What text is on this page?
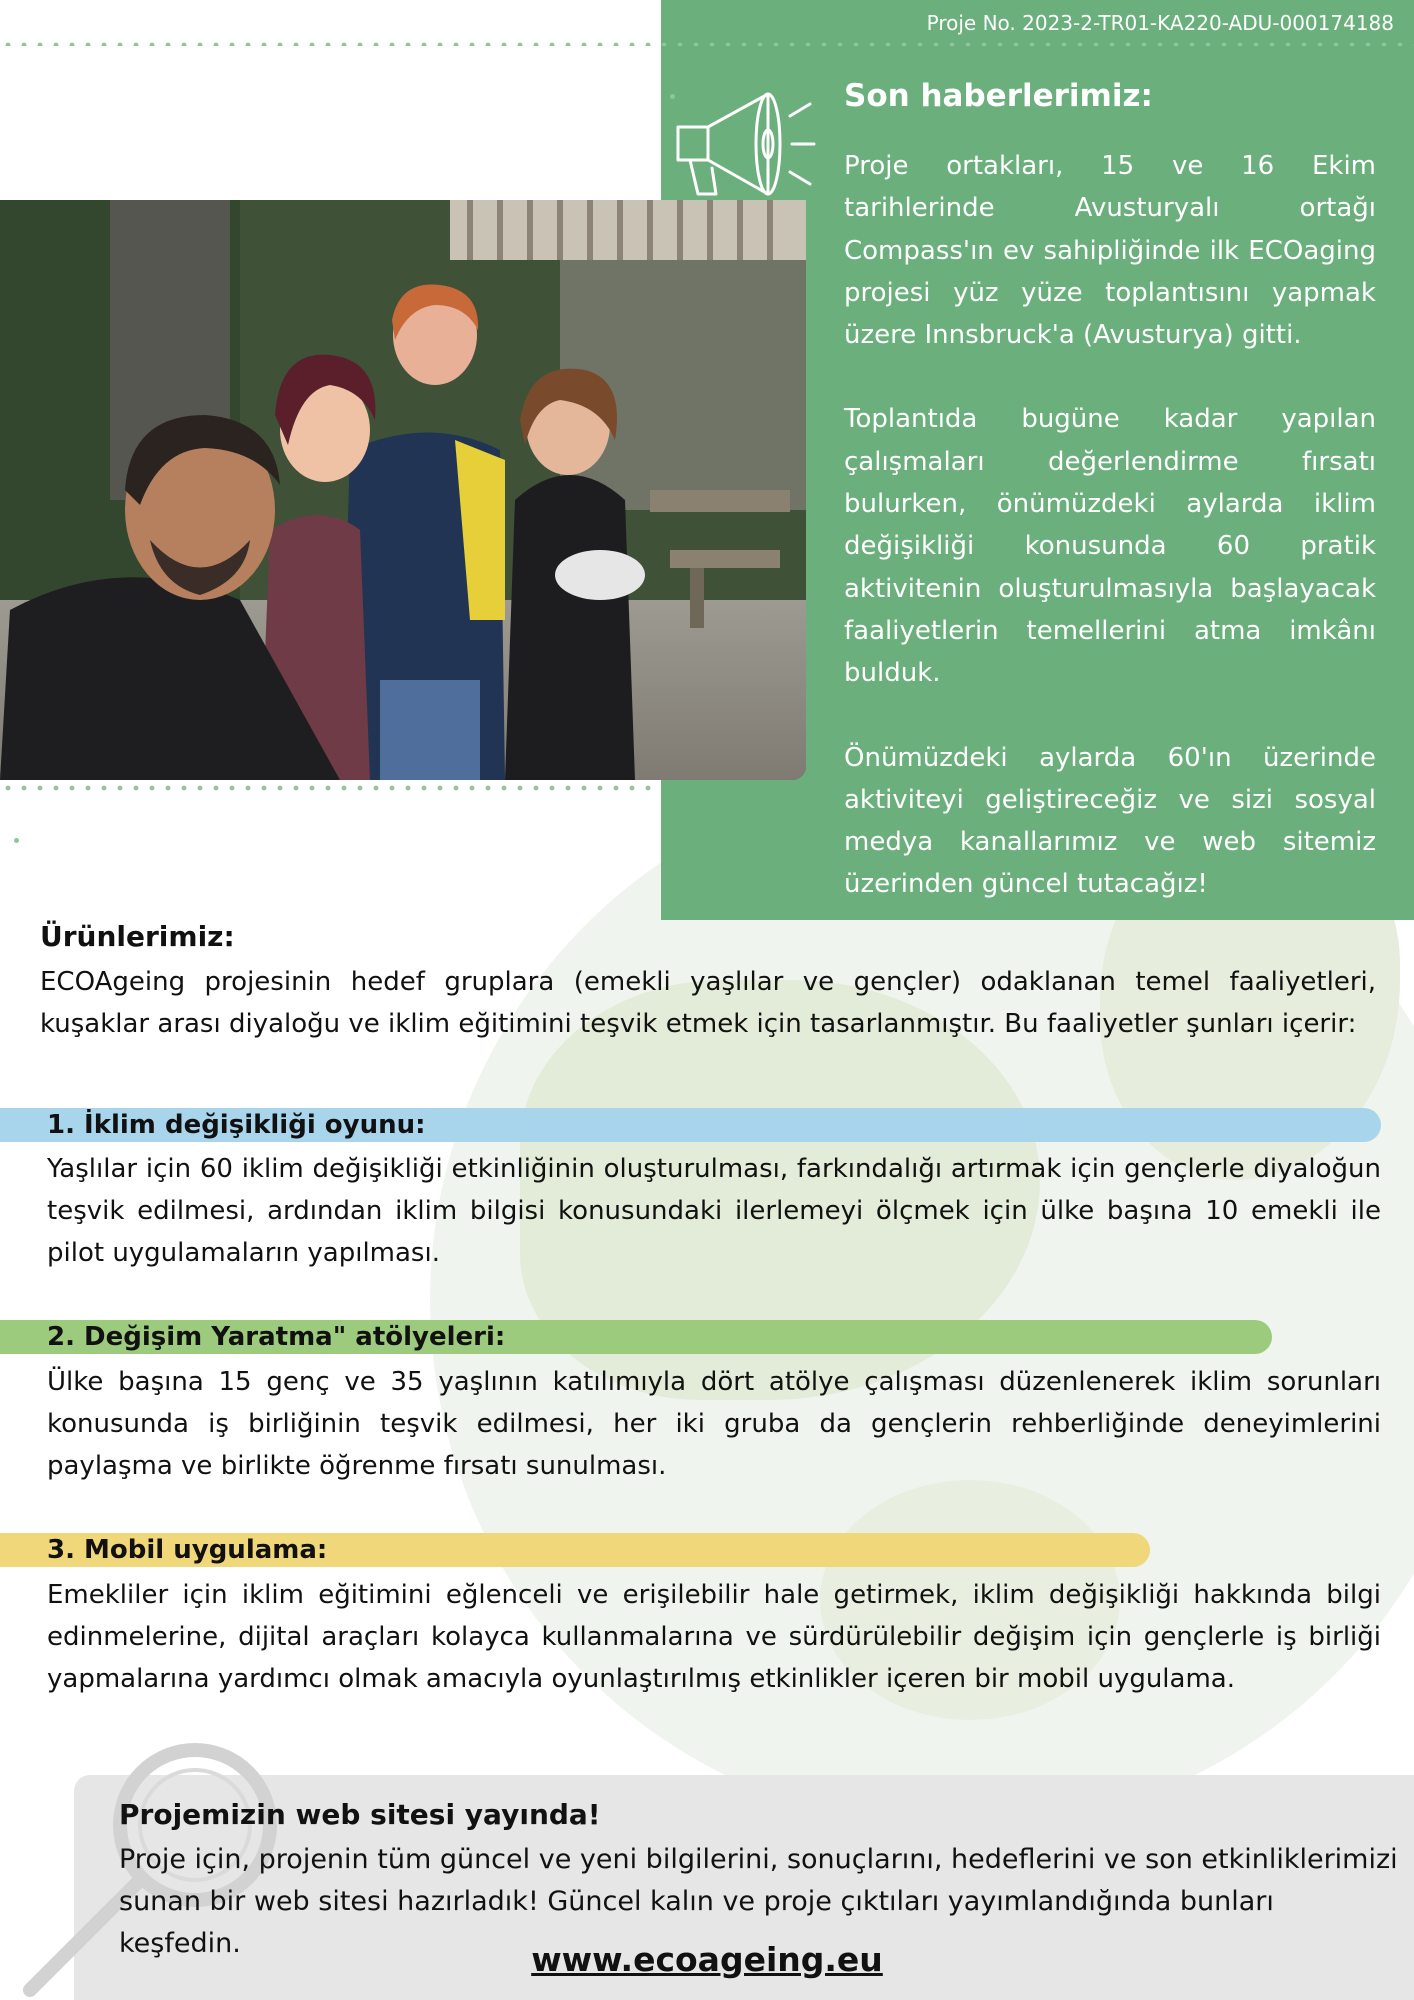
Proje No. 2023-2-TR01-KA220-ADU-000174188
Son haberlerimiz:

Proje ortakları, 15 ve 16 Ekim tarihlerinde Avusturyalı ortağı Compass'ın ev sahipliğinde ilk ECOaging projesi yüz yüze toplantısını yapmak üzere Innsbruck'a (Avusturya) gitti.

Toplantıda bugüne kadar yapılan çalışmaları değerlendirme fırsatı bulurken, önümüzdeki aylarda iklim değişikliği konusunda 60 pratik aktivitenin oluşturulmasıyla başlayacak faaliyetlerin temellerini atma imkânı bulduk.

Önümüzdeki aylarda 60'ın üzerinde aktiviteyi geliştireceğiz ve sizi sosyal medya kanallarımız ve web sitemiz üzerinden güncel tutacağız!

Ürünlerimiz:
ECOAgeing projesinin hedef gruplara (emekli yaşlılar ve gençler) odaklanan temel faaliyetleri, kuşaklar arası diyaloğu ve iklim eğitimini teşvik etmek için tasarlanmıştır. Bu faaliyetler şunları içerir:
1. İklim değişikliği oyunu:
Yaşlılar için 60 iklim değişikliği etkinliğinin oluşturulması, farkındalığı artırmak için gençlerle diyaloğun teşvik edilmesi, ardından iklim bilgisi konusundaki ilerlemeyi ölçmek için ülke başına 10 emekli ile pilot uygulamaların yapılması.
2. Değişim Yaratma" atölyeleri:
Ülke başına 15 genç ve 35 yaşlının katılımıyla dört atölye çalışması düzenlenerek iklim sorunları konusunda iş birliğinin teşvik edilmesi, her iki gruba da gençlerin rehberliğinde deneyimlerini paylaşma ve birlikte öğrenme fırsatı sunulması.
3. Mobil uygulama:
Emekliler için iklim eğitimini eğlenceli ve erişilebilir hale getirmek, iklim değişikliği hakkında bilgi edinmelerine, dijital araçları kolayca kullanmalarına ve sürdürülebilir değişim için gençlerle iş birliği yapmalarına yardımcı olmak amacıyla oyunlaştırılmış etkinlikler içeren bir mobil uygulama.
Projemizin web sitesi yayında!
Proje için, projenin tüm güncel ve yeni bilgilerini, sonuçlarını, hedeflerini ve son etkinliklerimizi sunan bir web sitesi hazırladık! Güncel kalın ve proje çıktıları yayımlandığında bunları keşfedin.	www.ecoageing.eu
